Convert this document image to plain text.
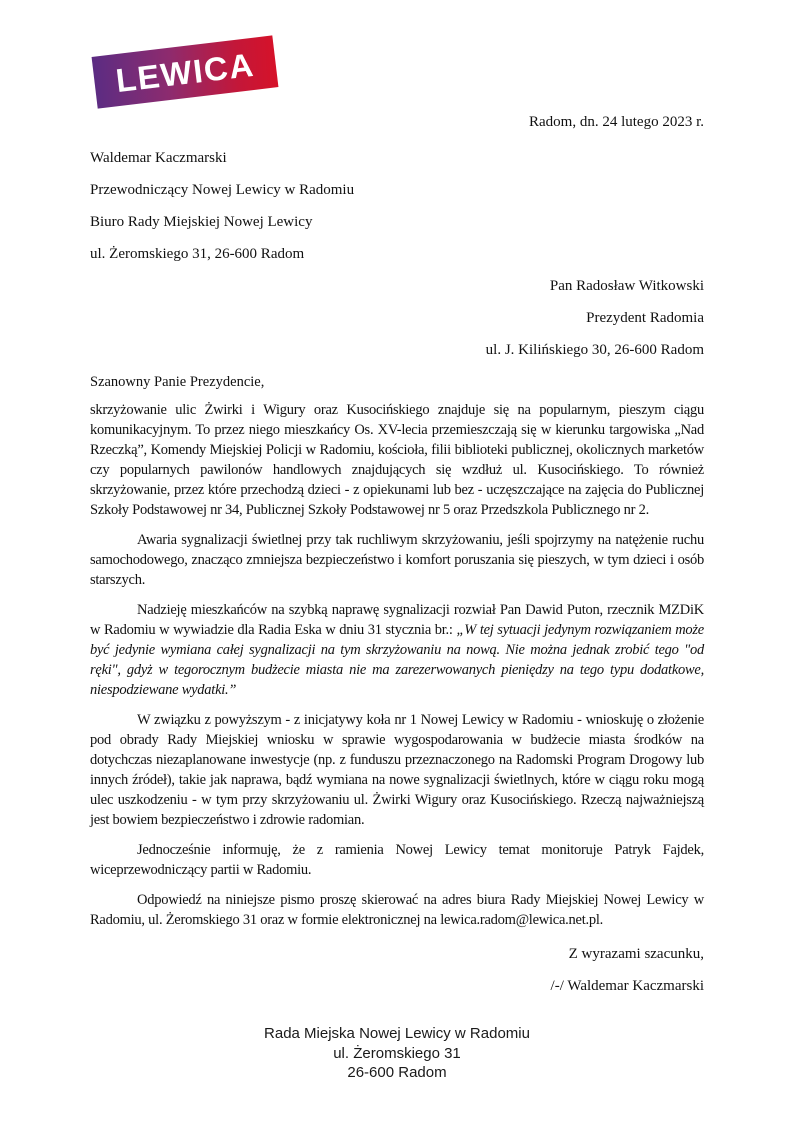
LEWICA
Radom, dn. 24 lutego 2023 r.

Waldemar Kaczmarski

Przewodniczący Nowej Lewicy w Radomiu

Biuro Rady Miejskiej Nowej Lewicy

ul. Żeromskiego 31, 26-600 Radom

Pan Radosław Witkowski

Prezydent Radomia

ul. J. Kilińskiego 30, 26-600 Radom

Szanowny Panie Prezydencie,

skrzyżowanie ulic Żwirki i Wigury oraz Kusocińskiego znajduje się na popularnym, pieszym ciągu komunikacyjnym. To przez niego mieszkańcy Os. XV-lecia przemieszczają się w kierunku targowiska „Nad Rzeczką”, Komendy Miejskiej Policji w Radomiu, kościoła, filii biblioteki publicznej, okolicznych marketów czy popularnych pawilonów handlowych znajdujących się wzdłuż ul. Kusocińskiego. To również skrzyżowanie, przez które przechodzą dzieci - z opiekunami lub bez - uczęszczające na zajęcia do Publicznej Szkoły Podstawowej nr 34, Publicznej Szkoły Podstawowej nr 5 oraz Przedszkola Publicznego nr 2.

Awaria sygnalizacji świetlnej przy tak ruchliwym skrzyżowaniu, jeśli spojrzymy na natężenie ruchu samochodowego, znacząco zmniejsza bezpieczeństwo i komfort poruszania się pieszych, w tym dzieci i osób starszych.

Nadzieję mieszkańców na szybką naprawę sygnalizacji rozwiał Pan Dawid Puton, rzecznik MZDiK w Radomiu w wywiadzie dla Radia Eska w dniu 31 stycznia br.: „W tej sytuacji jedynym rozwiązaniem może być jedynie wymiana całej sygnalizacji na tym skrzyżowaniu na nową. Nie można jednak zrobić tego "od ręki", gdyż w tegorocznym budżecie miasta nie ma zarezerwowanych pieniędzy na tego typu dodatkowe, niespodziewane wydatki.”

W związku z powyższym - z inicjatywy koła nr 1 Nowej Lewicy w Radomiu - wnioskuję o złożenie pod obrady Rady Miejskiej wniosku w sprawie wygospodarowania w budżecie miasta środków na dotychczas niezaplanowane inwestycje (np. z funduszu przeznaczonego na Radomski Program Drogowy lub innych źródeł), takie jak naprawa, bądź wymiana na nowe sygnalizacji świetlnych, które w ciągu roku mogą ulec uszkodzeniu - w tym przy skrzyżowaniu ul. Żwirki Wigury oraz Kusocińskiego. Rzeczą najważniejszą jest bowiem bezpieczeństwo i zdrowie radomian.

Jednocześnie informuję, że z ramienia Nowej Lewicy temat monitoruje Patryk Fajdek, wiceprzewodniczący partii w Radomiu.

Odpowiedź na niniejsze pismo proszę skierować na adres biura Rady Miejskiej Nowej Lewicy w Radomiu, ul. Żeromskiego 31 oraz w formie elektronicznej na lewica.radom@lewica.net.pl.

Z wyrazami szacunku,

/-/ Waldemar Kaczmarski

Rada Miejska Nowej Lewicy w Radomiu

ul. Żeromskiego 31

26-600 Radom
